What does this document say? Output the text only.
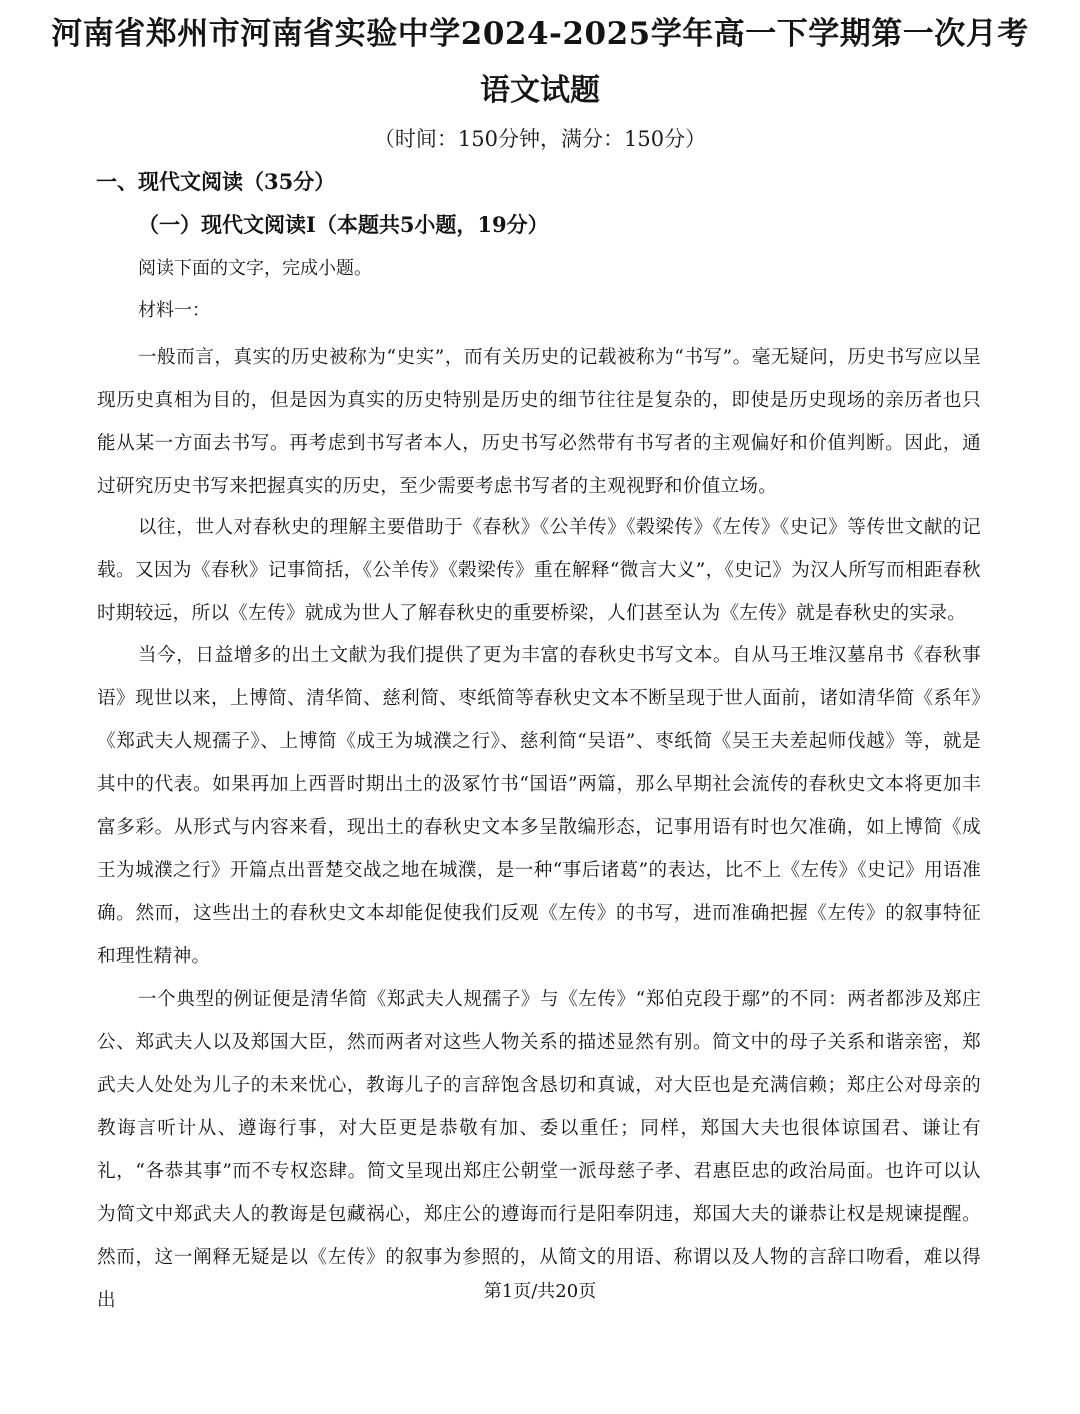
河南省郑州市河南省实验中学2024-2025学年高一下学期第一次月考
语文试题
（时间：150分钟，满分：150分）
一、现代文阅读（35分）
（一）现代文阅读Ⅰ（本题共5小题，19分）
阅读下面的文字，完成小题。
材料一：
一般而言，真实的历史被称为“史实”，而有关历史的记载被称为“书写”。毫无疑问，历史书写应以呈现历史真相为目的，但是因为真实的历史特别是历史的细节往往是复杂的，即使是历史现场的亲历者也只能从某一方面去书写。再考虑到书写者本人，历史书写必然带有书写者的主观偏好和价值判断。因此，通过研究历史书写来把握真实的历史，至少需要考虑书写者的主观视野和价值立场。
以往，世人对春秋史的理解主要借助于《春秋》《公羊传》《榖梁传》《左传》《史记》等传世文献的记载。又因为《春秋》记事简括，《公羊传》《榖梁传》重在解释“微言大义”，《史记》为汉人所写而相距春秋时期较远，所以《左传》就成为世人了解春秋史的重要桥梁，人们甚至认为《左传》就是春秋史的实录。
当今，日益增多的出土文献为我们提供了更为丰富的春秋史书写文本。自从马王堆汉墓帛书《春秋事语》现世以来，上博简、清华简、慈利简、枣纸简等春秋史文本不断呈现于世人面前，诸如清华简《系年》《郑武夫人规孺子》、上博简《成王为城濮之行》、慈利简“吴语”、枣纸简《吴王夫差起师伐越》等，就是其中的代表。如果再加上西晋时期出土的汲冢竹书“国语”两篇，那么早期社会流传的春秋史文本将更加丰富多彩。从形式与内容来看，现出土的春秋史文本多呈散编形态，记事用语有时也欠准确，如上博简《成王为城濮之行》开篇点出晋楚交战之地在城濮，是一种“事后诸葛”的表达，比不上《左传》《史记》用语准确。然而，这些出土的春秋史文本却能促使我们反观《左传》的书写，进而准确把握《左传》的叙事特征和理性精神。
一个典型的例证便是清华简《郑武夫人规孺子》与《左传》“郑伯克段于鄢”的不同：两者都涉及郑庄公、郑武夫人以及郑国大臣，然而两者对这些人物关系的描述显然有别。简文中的母子关系和谐亲密，郑武夫人处处为儿子的未来忧心，教诲儿子的言辞饱含恳切和真诚，对大臣也是充满信赖；郑庄公对母亲的教诲言听计从、遵诲行事，对大臣更是恭敬有加、委以重任；同样，郑国大夫也很体谅国君、谦让有礼，“各恭其事”而不专权恣肆。简文呈现出郑庄公朝堂一派母慈子孝、君惠臣忠的政治局面。也许可以认为简文中郑武夫人的教诲是包藏祸心，郑庄公的遵诲而行是阳奉阴违，郑国大夫的谦恭让权是规谏提醒。然而，这一阐释无疑是以《左传》的叙事为参照的，从简文的用语、称谓以及人物的言辞口吻看，难以得出	第1页/共20页
